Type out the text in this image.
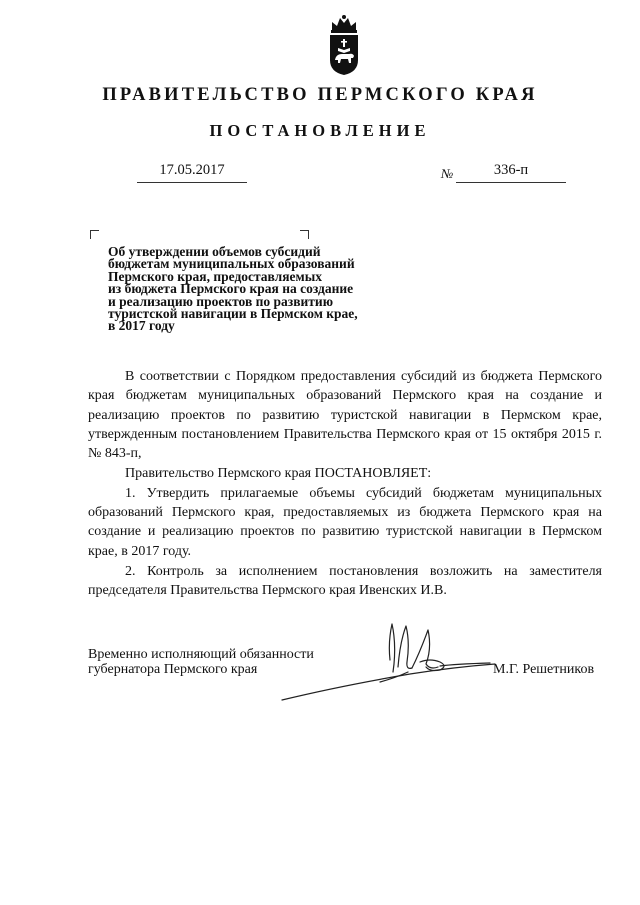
ПРАВИТЕЛЬСТВО ПЕРМСКОГО КРАЯ
ПОСТАНОВЛЕНИЕ
17.05.2017	№	336-п
Об утверждении объемов субсидий
бюджетам муниципальных образований
Пермского края, предоставляемых
из бюджета Пермского края на создание
и реализацию проектов по развитию
туристской навигации в Пермском крае,
в 2017 году

В соответствии с Порядком предоставления субсидий из бюджета Пермского края бюджетам муниципальных образований Пермского края на создание и реализацию проектов по развитию туристской навигации в Пермском крае, утвержденным постановлением Правительства Пермского края от 15 октября 2015 г. № 843-п,

Правительство Пермского края ПОСТАНОВЛЯЕТ:

1. Утвердить прилагаемые объемы субсидий бюджетам муниципальных образований Пермского края, предоставляемых из бюджета Пермского края на создание и реализацию проектов по развитию туристской навигации в Пермском крае, в 2017 году.

2. Контроль за исполнением постановления возложить на заместителя председателя Правительства Пермского края Ивенских И.В.

Временно исполняющий обязанности
губернатора Пермского края	М.Г. Решетников
